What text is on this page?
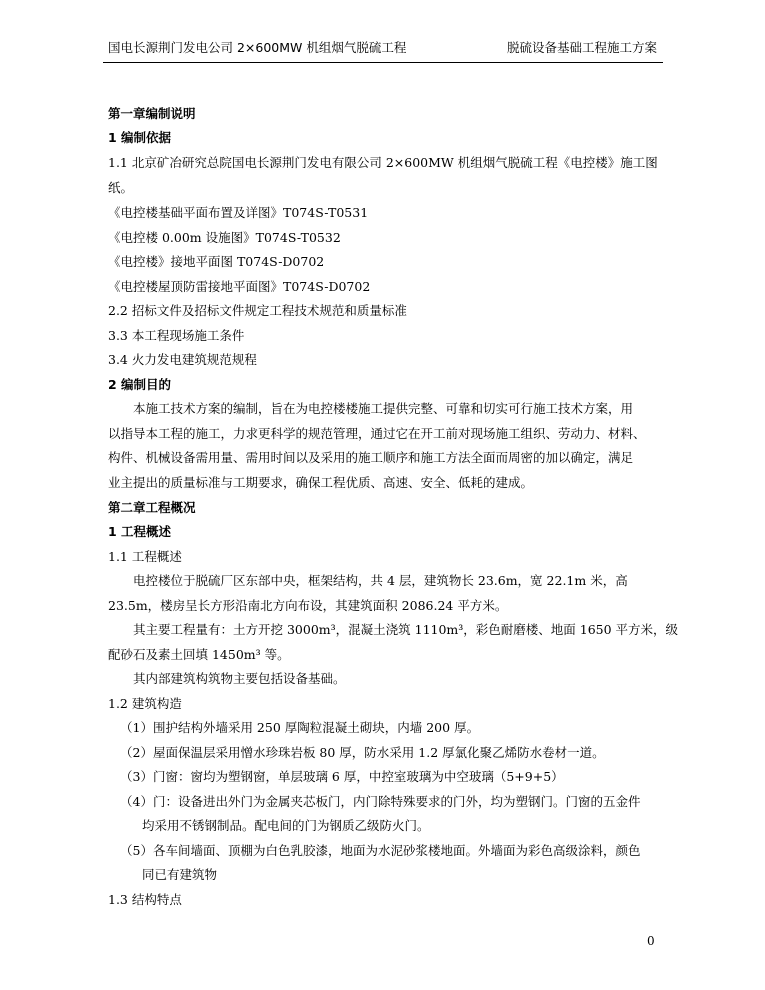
国电长源荆门发电公司 2×600MW 机组烟气脱硫工程	脱硫设备基础工程施工方案
第一章编制说明
1 编制依据
1.1 北京矿冶研究总院国电长源荆门发电有限公司 2×600MW 机组烟气脱硫工程《电控楼》施工图
纸。
《电控楼基础平面布置及详图》T074S-T0531
《电控楼 0.00m 设施图》T074S-T0532
《电控楼》接地平面图 T074S-D0702
《电控楼屋顶防雷接地平面图》T074S-D0702
2.2 招标文件及招标文件规定工程技术规范和质量标准
3.3 本工程现场施工条件
3.4 火力发电建筑规范规程
2 编制目的
本施工技术方案的编制，旨在为电控楼楼施工提供完整、可靠和切实可行施工技术方案，用
以指导本工程的施工，力求更科学的规范管理，通过它在开工前对现场施工组织、劳动力、材料、
构件、机械设备需用量、需用时间以及采用的施工顺序和施工方法全面而周密的加以确定，满足
业主提出的质量标准与工期要求，确保工程优质、高速、安全、低耗的建成。
第二章工程概况
1 工程概述
1.1 工程概述
电控楼位于脱硫厂区东部中央，框架结构，共 4 层，建筑物长 23.6m，宽 22.1m 米，高
23.5m，楼房呈长方形沿南北方向布设，其建筑面积 2086.24 平方米。
其主要工程量有：土方开挖 3000m³，混凝土浇筑 1110m³，彩色耐磨楼、地面 1650 平方米，级
配砂石及素土回填 1450m³ 等。
其内部建筑构筑物主要包括设备基础。
1.2 建筑构造
（1）围护结构外墙采用 250 厚陶粒混凝土砌块，内墙 200 厚。
（2）屋面保温层采用憎水珍珠岩板 80 厚，防水采用 1.2 厚氯化聚乙烯防水卷材一道。
（3）门窗：窗均为塑钢窗，单层玻璃 6 厚，中控室玻璃为中空玻璃（5+9+5）
（4）门：设备进出外门为金属夹芯板门，内门除特殊要求的门外，均为塑钢门。门窗的五金件
均采用不锈钢制品。配电间的门为钢质乙级防火门。
（5）各车间墙面、顶棚为白色乳胶漆，地面为水泥砂浆楼地面。外墙面为彩色高级涂料，颜色
同已有建筑物
1.3 结构特点
0
